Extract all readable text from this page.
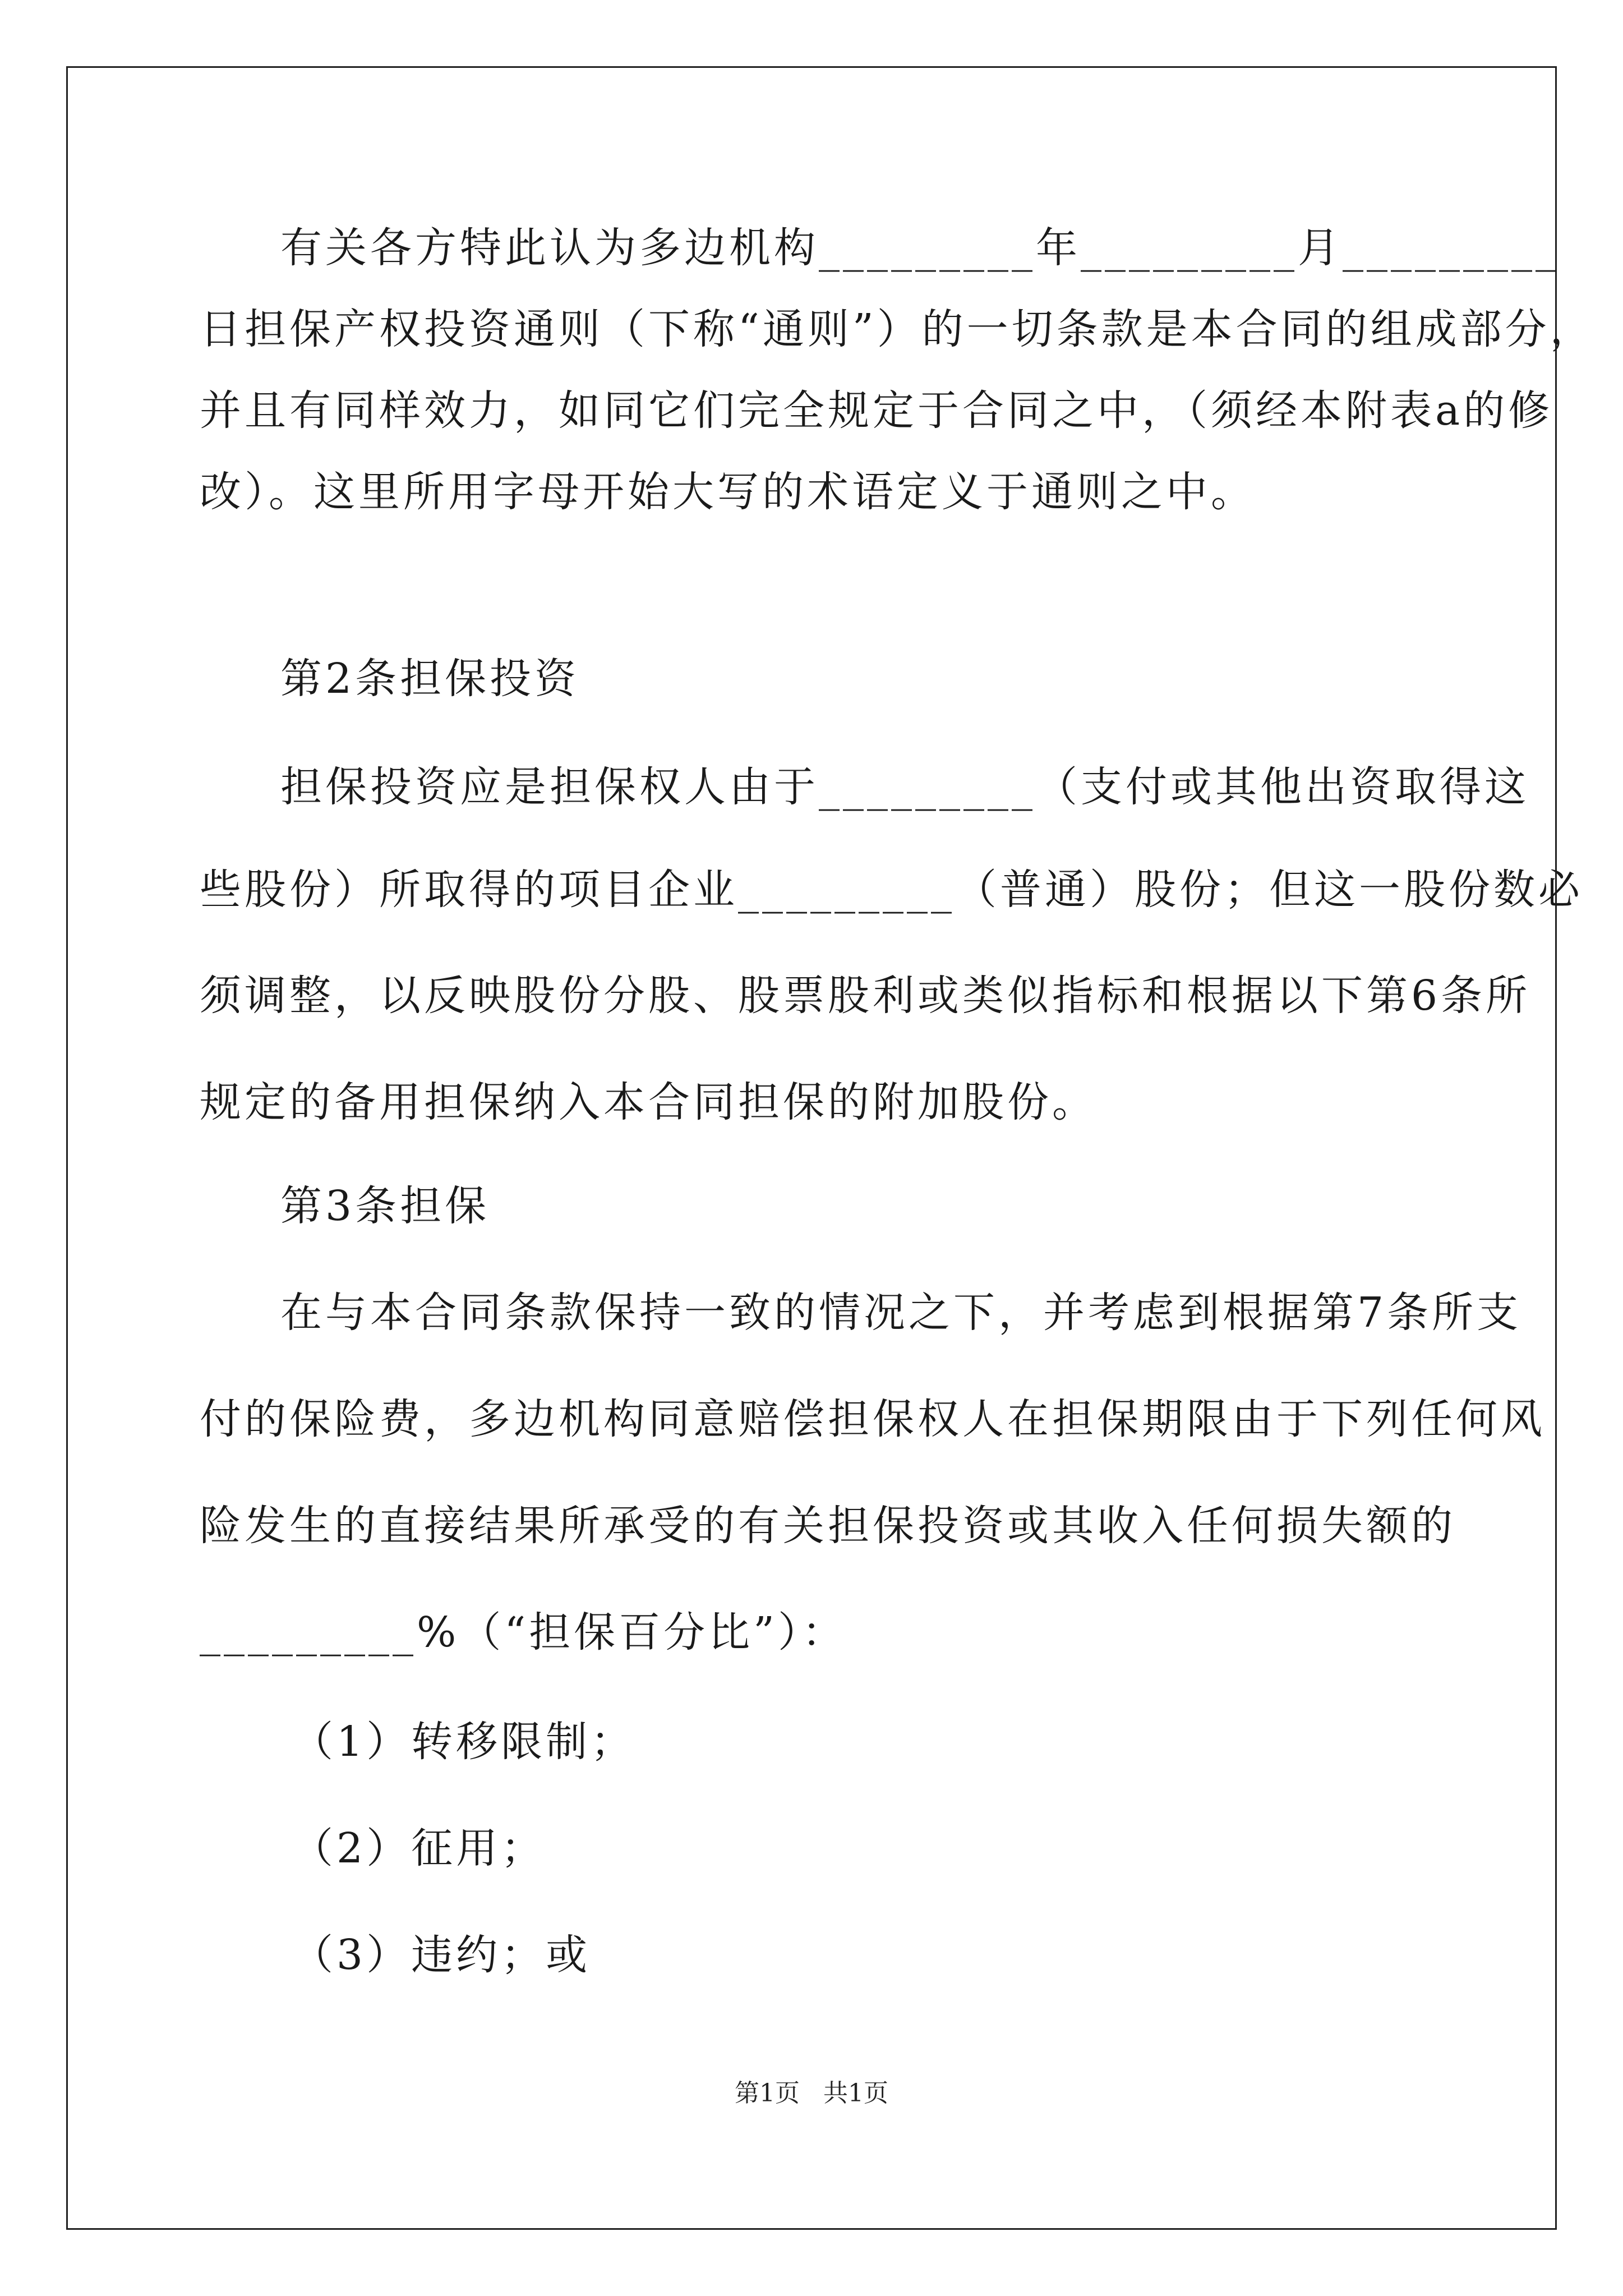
有关各方特此认为多边机构_________年_________月_________
日担保产权投资通则（下称“通则”）的一切条款是本合同的组成部分，
并且有同样效力，如同它们完全规定于合同之中，（须经本附表a的修
改）。这里所用字母开始大写的术语定义于通则之中。
第2条担保投资
担保投资应是担保权人由于_________（支付或其他出资取得这
些股份）所取得的项目企业_________（普通）股份；但这一股份数必
须调整，以反映股份分股、股票股利或类似指标和根据以下第6条所
规定的备用担保纳入本合同担保的附加股份。
第3条担保
在与本合同条款保持一致的情况之下，并考虑到根据第7条所支
付的保险费，多边机构同意赔偿担保权人在担保期限由于下列任何风
险发生的直接结果所承受的有关担保投资或其收入任何损失额的
_________%（“担保百分比”）：
（1）转移限制；
（2）征用；
（3）违约；或
第1页   共1页
